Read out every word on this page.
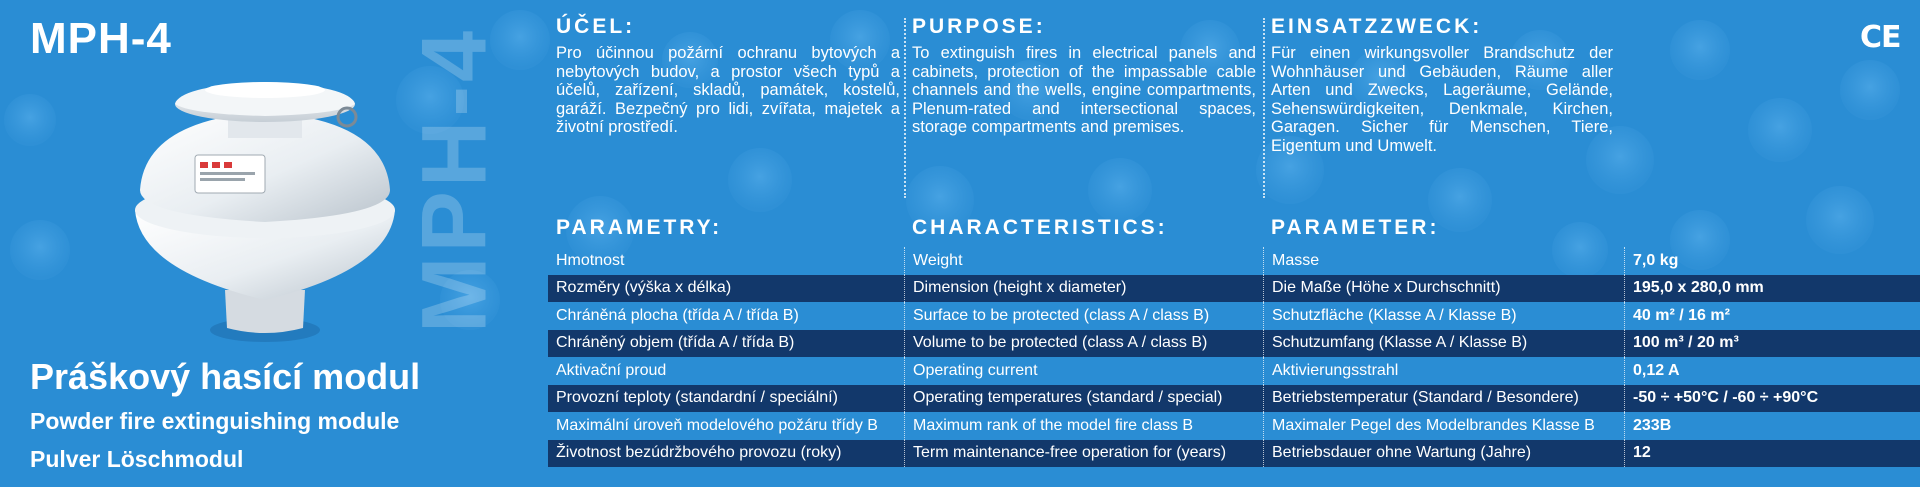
MPH-4	MPH-4	CE
Práškový hasící modul
Powder fire extinguishing module
Pulver Löschmodul
ÚČEL:
Pro účinnou požární ochranu bytových a nebytových budov, a prostor všech typů a účelů, zařízení, skladů, památek, kostelů, garáží. Bezpečný pro lidi, zvířata, majetek a životní prostředí.
PURPOSE:
To extinguish fires in electrical panels and cabinets, protection of the impassable cable channels and the wells, engine compartments, Plenum-rated and intersectional spaces, storage compartments and premises.
EINSATZZWECK:
Für einen wirkungsvoller Brandschutz der Wohnhäuser und Gebäuden, Räume aller Arten und Zwecks, Lageräume, Gelände, Sehenswürdigkeiten, Denkmale, Kirchen, Garagen. Sicher für Menschen, Tiere, Eigentum und Umwelt.
PARAMETRY:	CHARACTERISTICS:	PARAMETER:
Hmotnost	Weight	Masse	7,0 kg
Rozměry (výška x délka)	Dimension (height x diameter)	Die Maße (Höhe x Durchschnitt)	195,0 x 280,0 mm
Chráněná plocha (třída A / třída B)	Surface to be protected (class A / class B)	Schutzfläche (Klasse A / Klasse B)	40 m² / 16 m²
Chráněný objem (třída A / třída B)	Volume to be protected (class A / class B)	Schutzumfang (Klasse A / Klasse B)	100 m³ / 20 m³
Aktivační proud	Operating current	Aktivierungsstrahl	0,12 A
Provozní teploty (standardní / speciální)	Operating temperatures (standard / special)	Betriebstemperatur (Standard / Besondere)	-50 ÷ +50°C / -60 ÷ +90°C
Maximální úroveň modelového požáru třídy B	Maximum rank of the model fire class B	Maximaler Pegel des Modelbrandes Klasse B	233B
Životnost bezúdržbového provozu (roky)	Term maintenance-free operation for (years)	Betriebsdauer ohne Wartung (Jahre)	12
